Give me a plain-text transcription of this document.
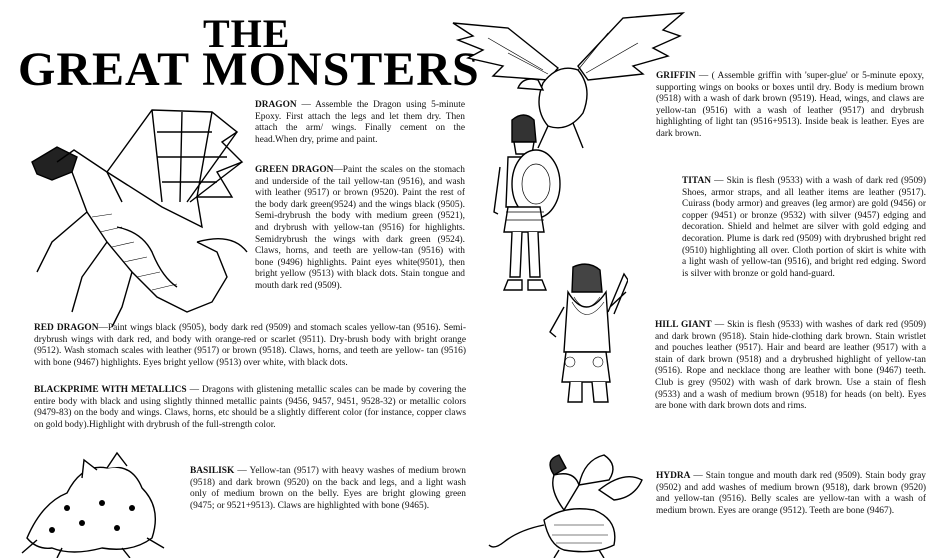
THE
GREAT MONSTERS
DRAGON — Assemble the Dragon using 5-minute Epoxy. First attach the legs and let them dry. Then attach the arm/ wings. Finally cement on the head.When dry, prime and paint.
GREEN DRAGON—Paint the scales on the stomach and underside of the tail yellow-tan (9516), and wash with leather (9517) or brown (9520). Paint the rest of the body dark green(9524) and the wings black (9505). Semi-drybrush the body with medium green (9521), and drybrush with yellow-tan (9516) for highlights. Semidrybrush the wings with dark green (9524). Claws, horns, and teeth are yellow-tan (9516) with bone (9496) highlights. Paint eyes white(9501), then bright yellow (9513) with black dots. Stain tongue and mouth dark red (9509).
RED DRAGON—Paint wings black (9505), body dark red (9509) and stomach scales yellow-tan (9516). Semi-drybrush wings with dark red, and body with orange-red or scarlet (9511). Dry-brush body with bright orange (9512). Wash stomach scales with leather (9517) or brown (9518). Claws, horns, and teeth are yellow- tan (9516) with bone (9467) highlights. Eyes bright yellow (9513) over white, with black dots.
BLACKPRIME WITH METALLICS — Dragons with glistening metallic scales can be made by covering the entire body with black and using slightly thinned metallic paints (9456, 9457, 9451, 9528-32) or metallic colors (9479-83) on the body and wings. Claws, horns, etc should be a slightly different color (for instance, copper claws on gold body).Highlight with drybrush of the full-strength color.
BASILISK — Yellow-tan (9517) with heavy washes of medium brown (9518) and dark brown (9520) on the back and legs, and a light wash only of medium brown on the belly. Eyes are bright glowing green (9475; or 9521+9513). Claws are highlighted with bone (9465).
GRIFFIN — ( Assemble griffin with 'super-glue' or 5-minute epoxy, supporting wings on books or boxes until dry. Body is medium brown (9518) with a wash of dark brown (9519). Head, wings, and claws are yellow-tan (9516) with a wash of leather (9517) and drybrush highlighting of light tan (9516+9513). Inside beak is leather. Eyes are dark brown.
TITAN — Skin is flesh (9533) with a wash of dark red (9509) Shoes, armor straps, and all leather items are leather (9517). Cuirass (body armor) and greaves (leg armor) are gold (9456) or copper (9451) or bronze (9532) with silver (9457) edging and decoration. Shield and helmet are silver with gold edging and decoration. Plume is dark red (9509) with drybrushed bright red (9510) highlighting all over. Cloth portion of skirt is white with a light wash of yellow-tan (9516), and bright red edging. Sword is silver with bronze or gold hand-guard.
HILL GIANT — Skin is flesh (9533) with washes of dark red (9509) and dark brown (9518). Stain hide-clothing dark brown. Stain wristlet and pouches leather (9517). Hair and beard are leather (9517) with a stain of dark brown (9518) and a drybrushed highlight of yellow-tan (9516). Rope and necklace thong are leather with bone (9467) teeth. Club is grey (9502) with wash of dark brown. Use a stain of flesh (9533) and a wash of medium brown (9518) for heads (on belt). Eyes are bone with dark brown dots and rims.
HYDRA — Stain tongue and mouth dark red (9509). Stain body gray (9502) and add washes of medium brown (9518), dark brown (9520) and yellow-tan (9516). Belly scales are yellow-tan with a wash of medium brown. Eyes are orange (9512). Teeth are bone (9467).
